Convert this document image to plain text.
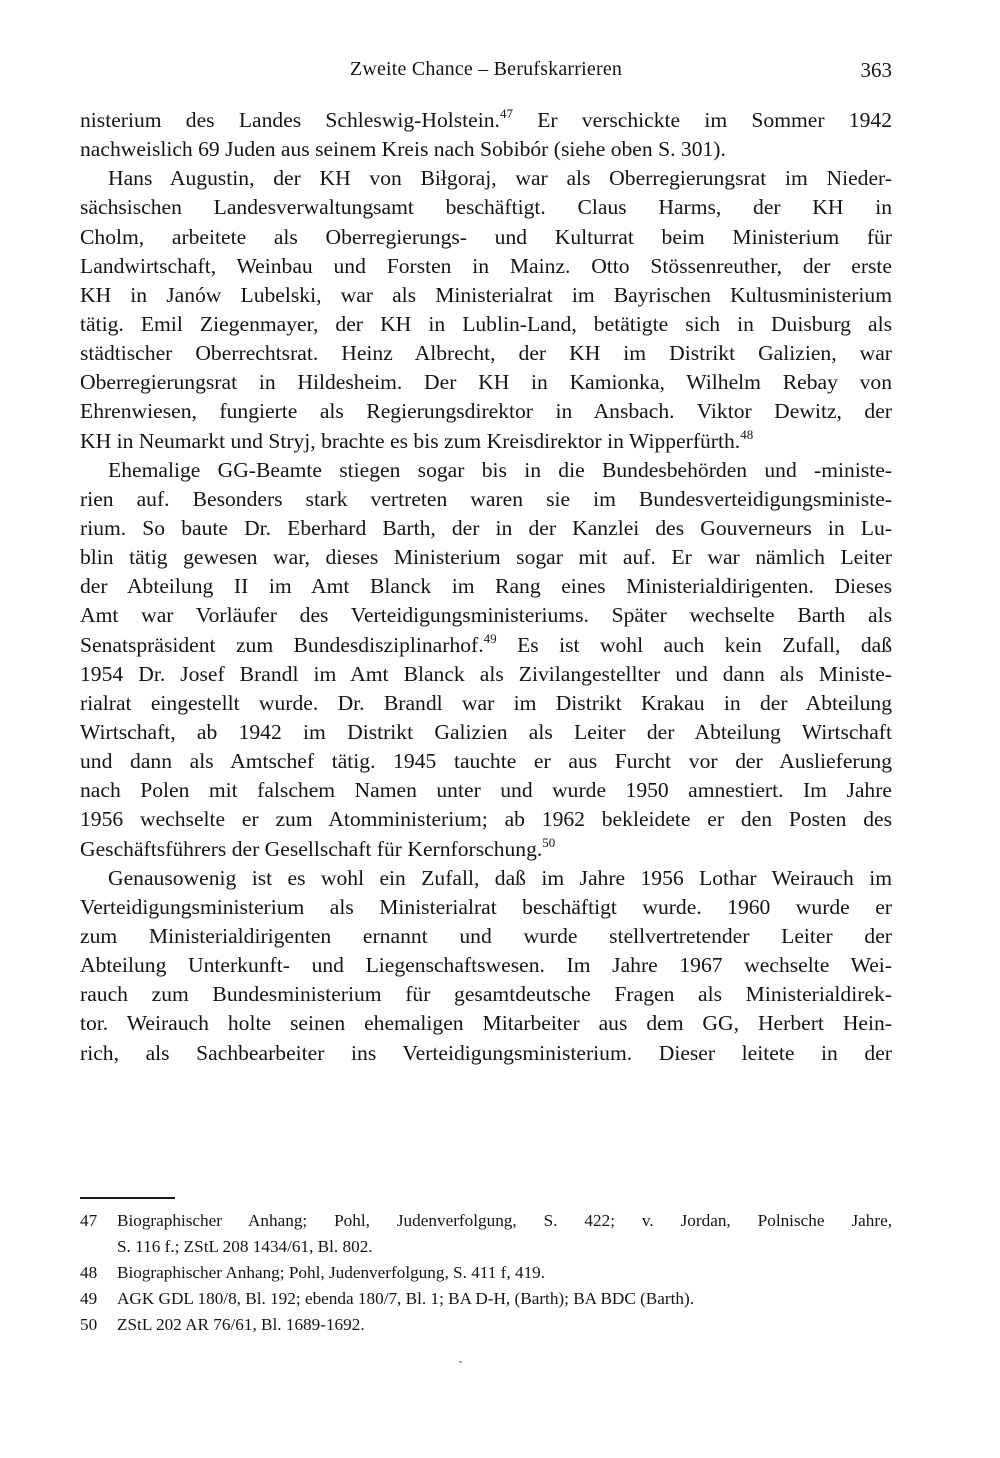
Zweite Chance – Berufskarrieren	363
nisterium des Landes Schleswig-Holstein.$^{47}$ Er verschickte im Sommer 1942
nachweislich 69 Juden aus seinem Kreis nach Sobibór (siehe oben S. 301).
Hans Augustin, der KH von Biłgoraj, war als Oberregierungsrat im Nieder-
sächsischen Landesverwaltungsamt beschäftigt. Claus Harms, der KH in
Cholm, arbeitete als Oberregierungs- und Kulturrat beim Ministerium für
Landwirtschaft, Weinbau und Forsten in Mainz. Otto Stössenreuther, der erste
KH in Janów Lubelski, war als Ministerialrat im Bayrischen Kultusministerium
tätig. Emil Ziegenmayer, der KH in Lublin-Land, betätigte sich in Duisburg als
städtischer Oberrechtsrat. Heinz Albrecht, der KH im Distrikt Galizien, war
Oberregierungsrat in Hildesheim. Der KH in Kamionka, Wilhelm Rebay von
Ehrenwiesen, fungierte als Regierungsdirektor in Ansbach. Viktor Dewitz, der
KH in Neumarkt und Stryj, brachte es bis zum Kreisdirektor in Wipperfürth.$^{48}$
Ehemalige GG-Beamte stiegen sogar bis in die Bundesbehörden und -ministe-
rien auf. Besonders stark vertreten waren sie im Bundesverteidigungsministe-
rium. So baute Dr. Eberhard Barth, der in der Kanzlei des Gouverneurs in Lu-
blin tätig gewesen war, dieses Ministerium sogar mit auf. Er war nämlich Leiter
der Abteilung II im Amt Blanck im Rang eines Ministerialdirigenten. Dieses
Amt war Vorläufer des Verteidigungsministeriums. Später wechselte Barth als
Senatspräsident zum Bundesdisziplinarhof.$^{49}$ Es ist wohl auch kein Zufall, daß
1954 Dr. Josef Brandl im Amt Blanck als Zivilangestellter und dann als Ministe-
rialrat eingestellt wurde. Dr. Brandl war im Distrikt Krakau in der Abteilung
Wirtschaft, ab 1942 im Distrikt Galizien als Leiter der Abteilung Wirtschaft
und dann als Amtschef tätig. 1945 tauchte er aus Furcht vor der Auslieferung
nach Polen mit falschem Namen unter und wurde 1950 amnestiert. Im Jahre
1956 wechselte er zum Atomministerium; ab 1962 bekleidete er den Posten des
Geschäftsführers der Gesellschaft für Kernforschung.$^{50}$
Genausowenig ist es wohl ein Zufall, daß im Jahre 1956 Lothar Weirauch im
Verteidigungsministerium als Ministerialrat beschäftigt wurde. 1960 wurde er
zum Ministerialdirigenten ernannt und wurde stellvertretender Leiter der
Abteilung Unterkunft- und Liegenschaftswesen. Im Jahre 1967 wechselte Wei-
rauch zum Bundesministerium für gesamtdeutsche Fragen als Ministerialdirek-
tor. Weirauch holte seinen ehemaligen Mitarbeiter aus dem GG, Herbert Hein-
rich, als Sachbearbeiter ins Verteidigungsministerium. Dieser leitete in der
47 Biographischer Anhang; Pohl, Judenverfolgung, S. 422; v. Jordan, Polnische Jahre,
S. 116 f.; ZStL 208 1434/61, Bl. 802.
48 Biographischer Anhang; Pohl, Judenverfolgung, S. 411 f, 419.
49 AGK GDL 180/8, Bl. 192; ebenda 180/7, Bl. 1; BA D-H, (Barth); BA BDC (Barth).
50 ZStL 202 AR 76/61, Bl. 1689-1692.
